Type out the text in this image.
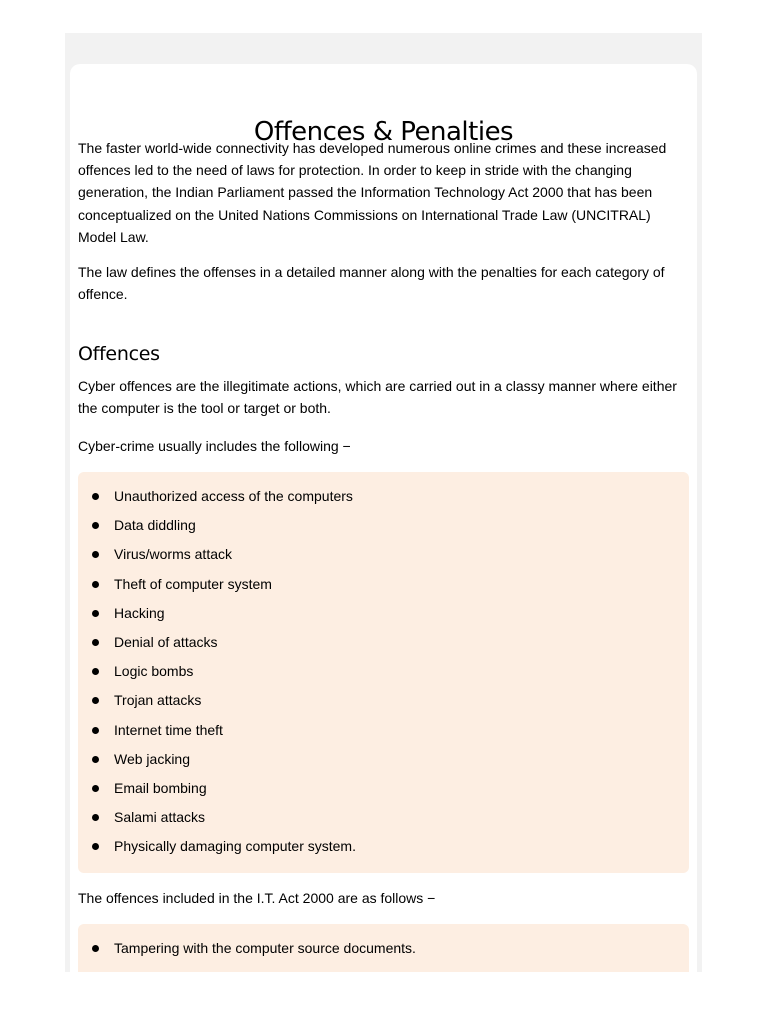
Offences & Penalties

The faster world-wide connectivity has developed numerous online crimes and these increased offences led to the need of laws for protection. In order to keep in stride with the changing generation, the Indian Parliament passed the Information Technology Act 2000 that has been conceptualized on the United Nations Commissions on International Trade Law (UNCITRAL) Model Law.

The law defines the offenses in a detailed manner along with the penalties for each category of offence.

Offences

Cyber offences are the illegitimate actions, which are carried out in a classy manner where either the computer is the tool or target or both.

Cyber-crime usually includes the following −

Unauthorized access of the computers
Data diddling
Virus/worms attack
Theft of computer system
Hacking
Denial of attacks
Logic bombs
Trojan attacks
Internet time theft
Web jacking
Email bombing
Salami attacks
Physically damaging computer system.

The offences included in the I.T. Act 2000 are as follows −

Tampering with the computer source documents.
